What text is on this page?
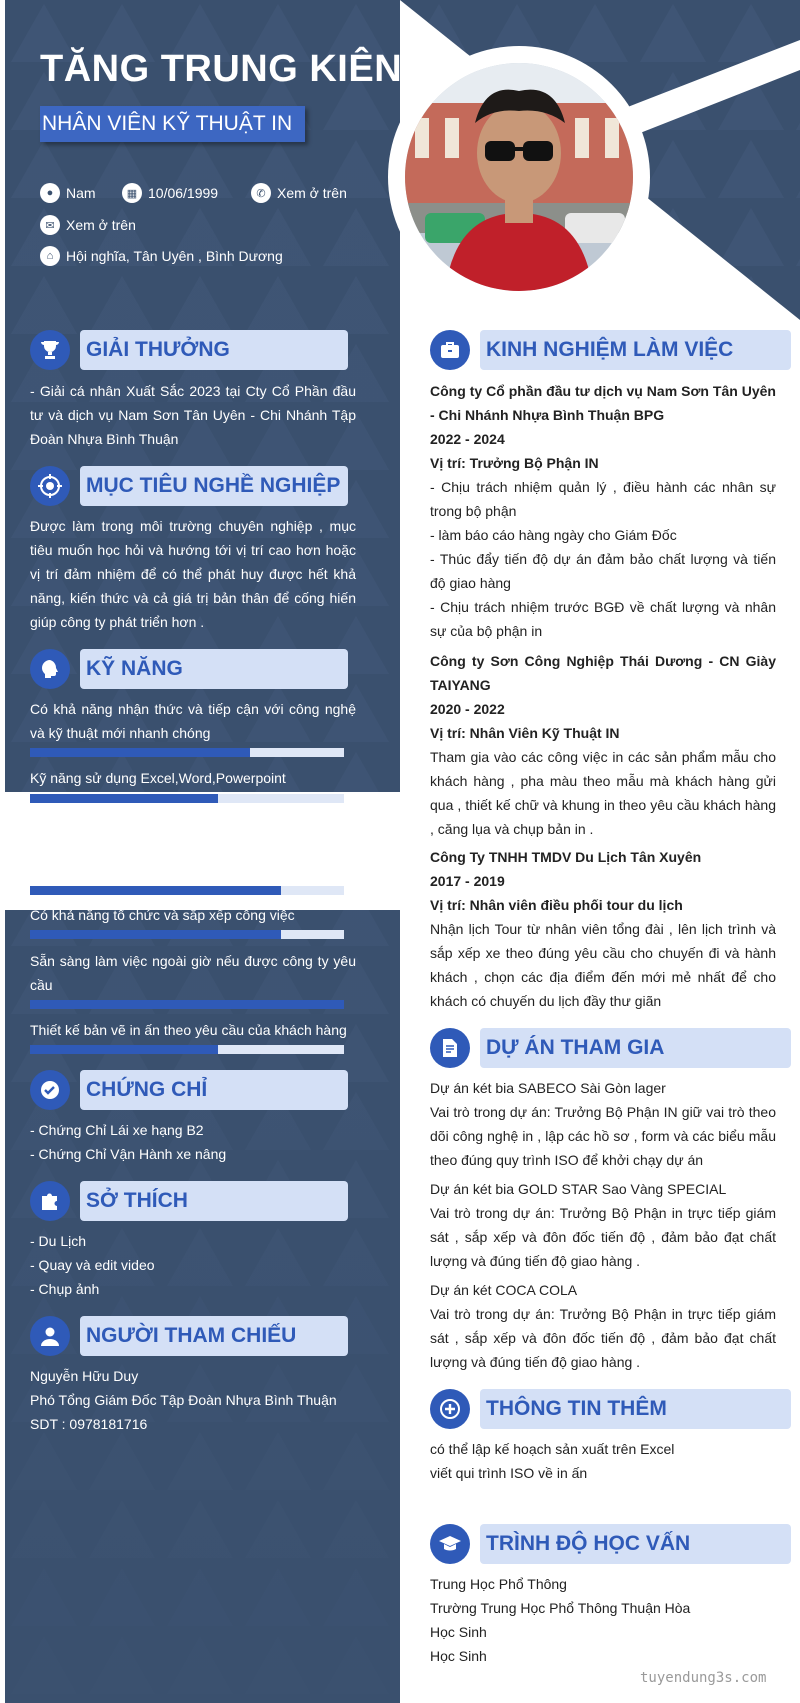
TĂNG TRUNG KIÊN
NHÂN VIÊN KỸ THUẬT IN
● Nam	▦ 10/06/1999	✆ Xem ở trên
✉ Xem ở trên
⌂ Hội nghĩa, Tân Uyên , Bình Dương
GIẢI THƯỞNG

- Giải cá nhân Xuất Sắc 2023 tại Cty Cổ Phần đầu tư và dịch vụ Nam Sơn Tân Uyên - Chi Nhánh Tập Đoàn Nhựa Bình Thuận

MỤC TIÊU NGHỀ NGHIỆP
Được làm trong môi trường chuyên nghiệp , mục tiêu muốn học hỏi và hướng tới vị trí cao hơn hoặc vị trí đảm nhiệm để có thể phát huy được hết khả năng, kiến thức và cả giá trị bản thân để cống hiến giúp công ty phát triển hơn .
KỸ NĂNG
Có khả năng nhận thức và tiếp cận với công nghệ và kỹ thuật mới nhanh chóng
Kỹ năng sử dụng Excel,Word,Powerpoint
Có khả năng tổ chức và sắp xếp công việc
Sẵn sàng làm việc ngoài giờ nếu được công ty yêu cầu
Thiết kế bản vẽ in ấn theo yêu cầu của khách hàng
CHỨNG CHỈ

- Chứng Chỉ Lái xe hạng B2

- Chứng Chỉ Vận Hành xe nâng

SỞ THÍCH

- Du Lịch

- Quay và edit video

- Chụp ảnh

NGƯỜI THAM CHIẾU

Nguyễn Hữu Duy

Phó Tổng Giám Đốc Tập Đoàn Nhựa Bình Thuận

SDT : 0978181716

KINH NGHIỆM LÀM VIỆC

Công ty Cổ phần đầu tư dịch vụ Nam Sơn Tân Uyên - Chi Nhánh Nhựa Bình Thuận BPG

2022 - 2024

Vị trí: Trưởng Bộ Phận IN

- Chịu trách nhiệm quản lý , điều hành các nhân sự trong bộ phận

- làm báo cáo hàng ngày cho Giám Đốc

- Thúc đẩy tiến độ dự án đảm bảo chất lượng và tiến độ giao hàng

- Chịu trách nhiệm trước BGĐ về chất lượng và nhân sự của bộ phận in

Công ty Sơn Công Nghiệp Thái Dương - CN Giày TAIYANG

2020 - 2022

Vị trí: Nhân Viên Kỹ Thuật IN

Tham gia vào các công việc in các sản phẩm mẫu cho khách hàng , pha màu theo mẫu mà khách hàng gửi qua , thiết kế chữ và khung in theo yêu cầu khách hàng , căng lụa và chụp bản in .

Công Ty TNHH TMDV Du Lịch Tân Xuyên

2017 - 2019

Vị trí: Nhân viên điều phối tour du lịch

Nhận lịch Tour từ nhân viên tổng đài , lên lịch trình và sắp xếp xe theo đúng yêu cầu cho chuyến đi và hành khách , chọn các địa điểm đến mới mẻ nhất để cho khách có chuyến du lịch đầy thư giãn

DỰ ÁN THAM GIA

Dự án két bia SABECO Sài Gòn lager

Vai trò trong dự án: Trưởng Bộ Phận IN giữ vai trò theo dõi công nghệ in , lập các hồ sơ , form và các biểu mẫu theo đúng quy trình ISO để khởi chạy dự án

Dự án két bia GOLD STAR Sao Vàng SPECIAL

Vai trò trong dự án: Trưởng Bộ Phận in trực tiếp giám sát , sắp xếp và đôn đốc tiến độ , đảm bảo đạt chất lượng và đúng tiến độ giao hàng .

Dự án két COCA COLA

Vai trò trong dự án: Trưởng Bộ Phận in trực tiếp giám sát , sắp xếp và đôn đốc tiến độ , đảm bảo đạt chất lượng và đúng tiến độ giao hàng .

THÔNG TIN THÊM

có thể lập kế hoạch sản xuất trên Excel

viết qui trình ISO về in ấn

TRÌNH ĐỘ HỌC VẤN

Trung Học Phổ Thông

Trường Trung Học Phổ Thông Thuận Hòa

Học Sinh

Học Sinh

tuyendung3s.com
